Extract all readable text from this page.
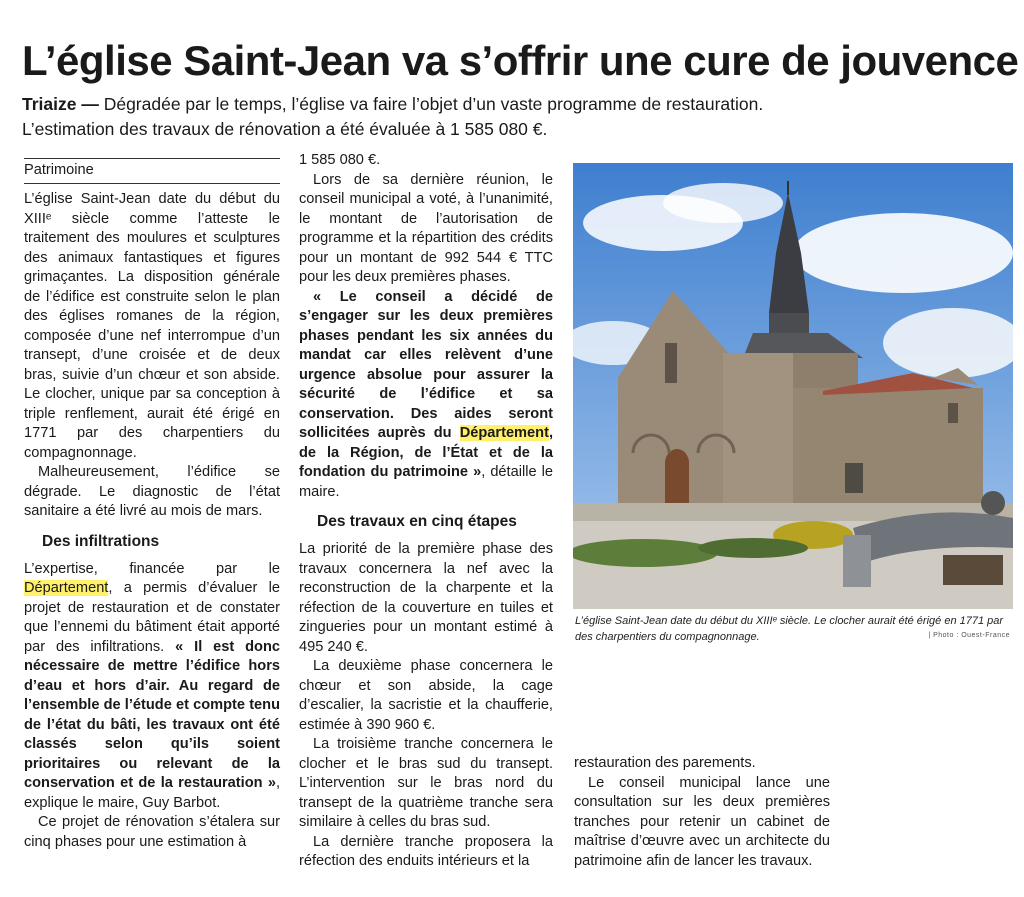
L’église Saint-Jean va s’offrir une cure de jouvence
Triaize — Dégradée par le temps, l’église va faire l’objet d’un vaste programme de restauration.
L’estimation des travaux de rénovation a été évaluée à 1 585 080 €.
Patrimoine

L’église Saint-Jean date du début du XIIIᵉ siècle comme l’atteste le traitement des moulures et sculptures des animaux fantastiques et figures grimaçantes. La disposition générale de l’édifice est construite selon le plan des églises romanes de la région, composée d’une nef interrompue d’un transept, d’une croisée et de deux bras, suivie d’un chœur et son abside. Le clocher, unique par sa conception à triple renflement, aurait été érigé en 1771 par des charpentiers du compagnonnage.

Malheureusement, l’édifice se dégrade. Le diagnostic de l’état sanitaire a été livré au mois de mars.

Des infiltrations

L’expertise, financée par le Département, a permis d’évaluer le projet de restauration et de constater que l’ennemi du bâtiment était apporté par des infiltrations. « Il est donc nécessaire de mettre l’édifice hors d’eau et hors d’air. Au regard de l’ensemble de l’étude et compte tenu de l’état du bâti, les travaux ont été classés selon qu’ils soient prioritaires ou relevant de la conservation et de la restauration », explique le maire, Guy Barbot.

Ce projet de rénovation s’étalera sur cinq phases pour une estimation à

1 585 080 €.

Lors de sa dernière réunion, le conseil municipal a voté, à l’unanimité, le montant de l’autorisation de programme et la répartition des crédits pour un montant de 992 544 € TTC pour les deux premières phases.

« Le conseil a décidé de s’engager sur les deux premières phases pendant les six années du mandat car elles relèvent d’une urgence absolue pour assurer la sécurité de l’édifice et sa conservation. Des aides seront sollicitées auprès du Département, de la Région, de l’État et de la fondation du patrimoine », détaille le maire.

Des travaux en cinq étapes

La priorité de la première phase des travaux concernera la nef avec la reconstruction de la charpente et la réfection de la couverture en tuiles et zingueries pour un montant estimé à 495 240 €.

La deuxième phase concernera le chœur et son abside, la cage d’escalier, la sacristie et la chaufferie, estimée à 390 960 €.

La troisième tranche concernera le clocher et le bras sud du transept. L’intervention sur le bras nord du transept de la quatrième tranche sera similaire à celles du bras sud.

La dernière tranche proposera la réfection des enduits intérieurs et la

L’église Saint-Jean date du début du XIIIᵉ siècle. Le clocher aurait été érigé en 1771 par des charpentiers du compagnonnage.	| Photo : Ouest-France

restauration des parements.

Le conseil municipal lance une consultation sur les deux premières tranches pour retenir un cabinet de maîtrise d’œuvre avec un architecte du patrimoine afin de lancer les travaux.
